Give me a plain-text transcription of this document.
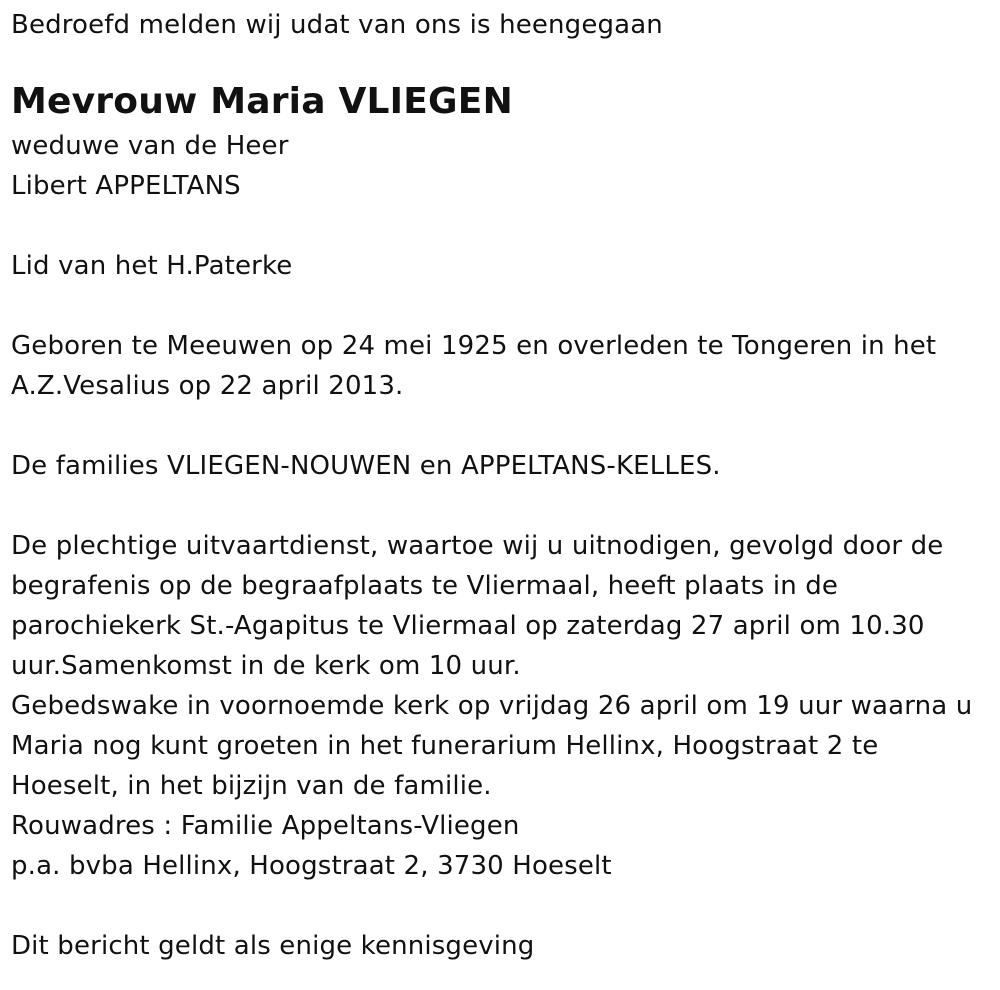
Bedroefd melden wij udat van ons is heengegaan
Mevrouw Maria VLIEGEN
weduwe van de Heer
Libert APPELTANS
Lid van het H.Paterke
Geboren te Meeuwen op 24 mei 1925 en overleden te Tongeren in het
A.Z.Vesalius op 22 april 2013.
De families VLIEGEN-NOUWEN en APPELTANS-KELLES.
De plechtige uitvaartdienst, waartoe wij u uitnodigen, gevolgd door de
begrafenis op de begraafplaats te Vliermaal, heeft plaats in de
parochiekerk St.-Agapitus te Vliermaal op zaterdag 27 april om 10.30
uur.Samenkomst in de kerk om 10 uur.
Gebedswake in voornoemde kerk op vrijdag 26 april om 19 uur waarna u
Maria nog kunt groeten in het funerarium Hellinx, Hoogstraat 2 te
Hoeselt, in het bijzijn van de familie.
Rouwadres : Familie Appeltans-Vliegen
p.a. bvba Hellinx, Hoogstraat 2, 3730 Hoeselt
Dit bericht geldt als enige kennisgeving
